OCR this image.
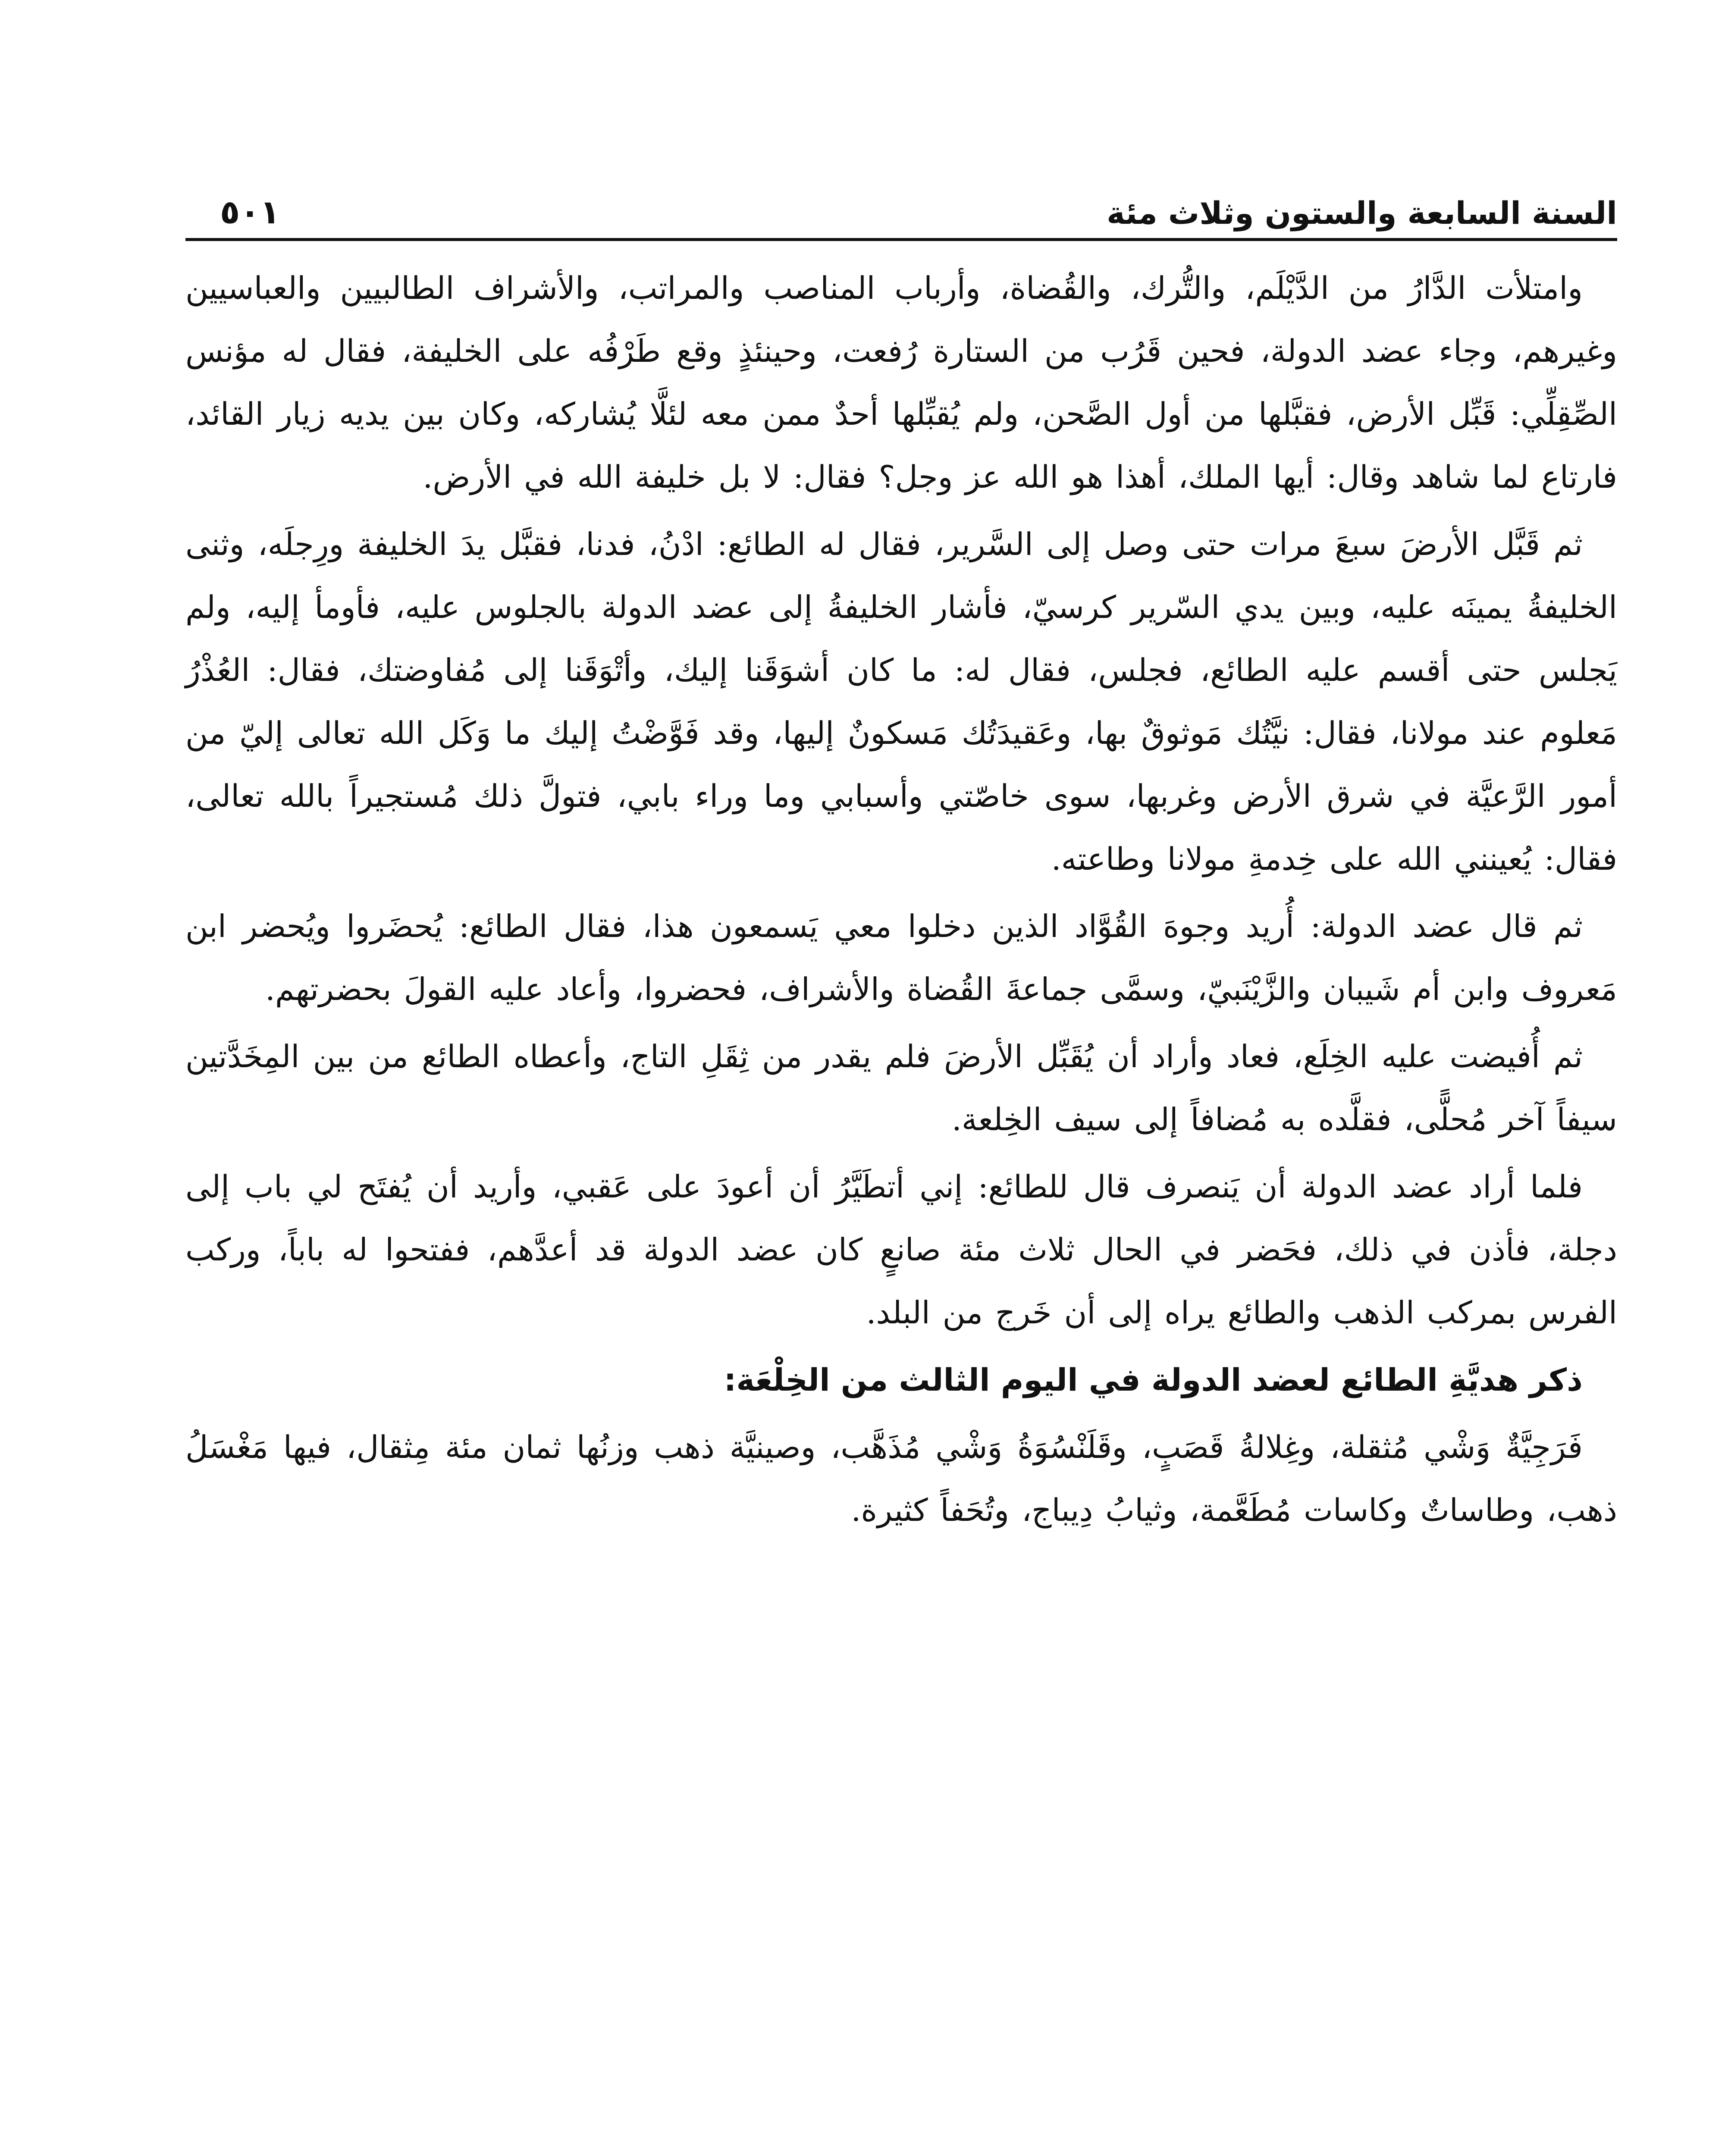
السنة السابعة والستون وثلاث مئة
٥٠١

وامتلأت الدَّارُ من الدَّيْلَم، والتُّرك، والقُضاة، وأرباب المناصب والمراتب، والأشراف الطالبيين والعباسيين وغيرهم، وجاء عضد الدولة، فحين قَرُب من الستارة رُفعت، وحينئذٍ وقع طَرْفُه على الخليفة، فقال له مؤنس الصِّقِلِّي: قَبِّل الأرض، فقبَّلها من أول الصَّحن، ولم يُقبِّلها أحدٌ ممن معه لئلَّا يُشاركه، وكان بين يديه زيار القائد، فارتاع لما شاهد وقال: أيها الملك، أهذا هو الله عز وجل؟ فقال: لا بل خليفة الله في الأرض.

ثم قَبَّل الأرضَ سبعَ مرات حتى وصل إلى السَّرير، فقال له الطائع: ادْنُ، فدنا، فقبَّل يدَ الخليفة ورِجلَه، وثنى الخليفةُ يمينَه عليه، وبين يدي السّرير كرسيّ، فأشار الخليفةُ إلى عضد الدولة بالجلوس عليه، فأومأ إليه، ولم يَجلس حتى أقسم عليه الطائع، فجلس، فقال له: ما كان أشوَقَنا إليك، وأتْوَقَنا إلى مُفاوضتك، فقال: العُذْرُ مَعلوم عند مولانا، فقال: نيَّتُك مَوثوقٌ بها، وعَقيدَتُك مَسكونٌ إليها، وقد فَوَّضْتُ إليك ما وَكَل الله تعالى إليّ من أمور الرَّعيَّة في شرق الأرض وغربها، سوى خاصّتي وأسبابي وما وراء بابي، فتولَّ ذلك مُستجيراً بالله تعالى، فقال: يُعينني الله على خِدمةِ مولانا وطاعته.

ثم قال عضد الدولة: أُريد وجوهَ القُوَّاد الذين دخلوا معي يَسمعون هذا، فقال الطائع: يُحضَروا ويُحضر ابن مَعروف وابن أم شَيبان والزَّيْنَبيّ، وسمَّى جماعةَ القُضاة والأشراف، فحضروا، وأعاد عليه القولَ بحضرتهم.

ثم أُفيضت عليه الخِلَع، فعاد وأراد أن يُقَبِّل الأرضَ فلم يقدر من ثِقَلِ التاج، وأعطاه الطائع من بين المِخَدَّتين سيفاً آخر مُحلًّى، فقلَّده به مُضافاً إلى سيف الخِلعة.

فلما أراد عضد الدولة أن يَنصرف قال للطائع: إني أتطَيَّرُ أن أعودَ على عَقبي، وأريد أن يُفتَح لي باب إلى دجلة، فأذن في ذلك، فحَضر في الحال ثلاث مئة صانعٍ كان عضد الدولة قد أعدَّهم، ففتحوا له باباً، وركب الفرس بمركب الذهب والطائع يراه إلى أن خَرج من البلد.

ذكر هديَّةِ الطائع لعضد الدولة في اليوم الثالث من الخِلْعَة:

فَرَجِيَّةٌ وَشْي مُثقلة، وغِلالةُ قَصَبٍ، وقَلَنْسُوَةُ وَشْي مُذَهَّب، وصينيَّة ذهب وزنُها ثمان مئة مِثقال، فيها مَغْسَلُ ذهب، وطاساتٌ وكاسات مُطَعَّمة، وثيابُ دِيباج، وتُحَفاً كثيرة.
